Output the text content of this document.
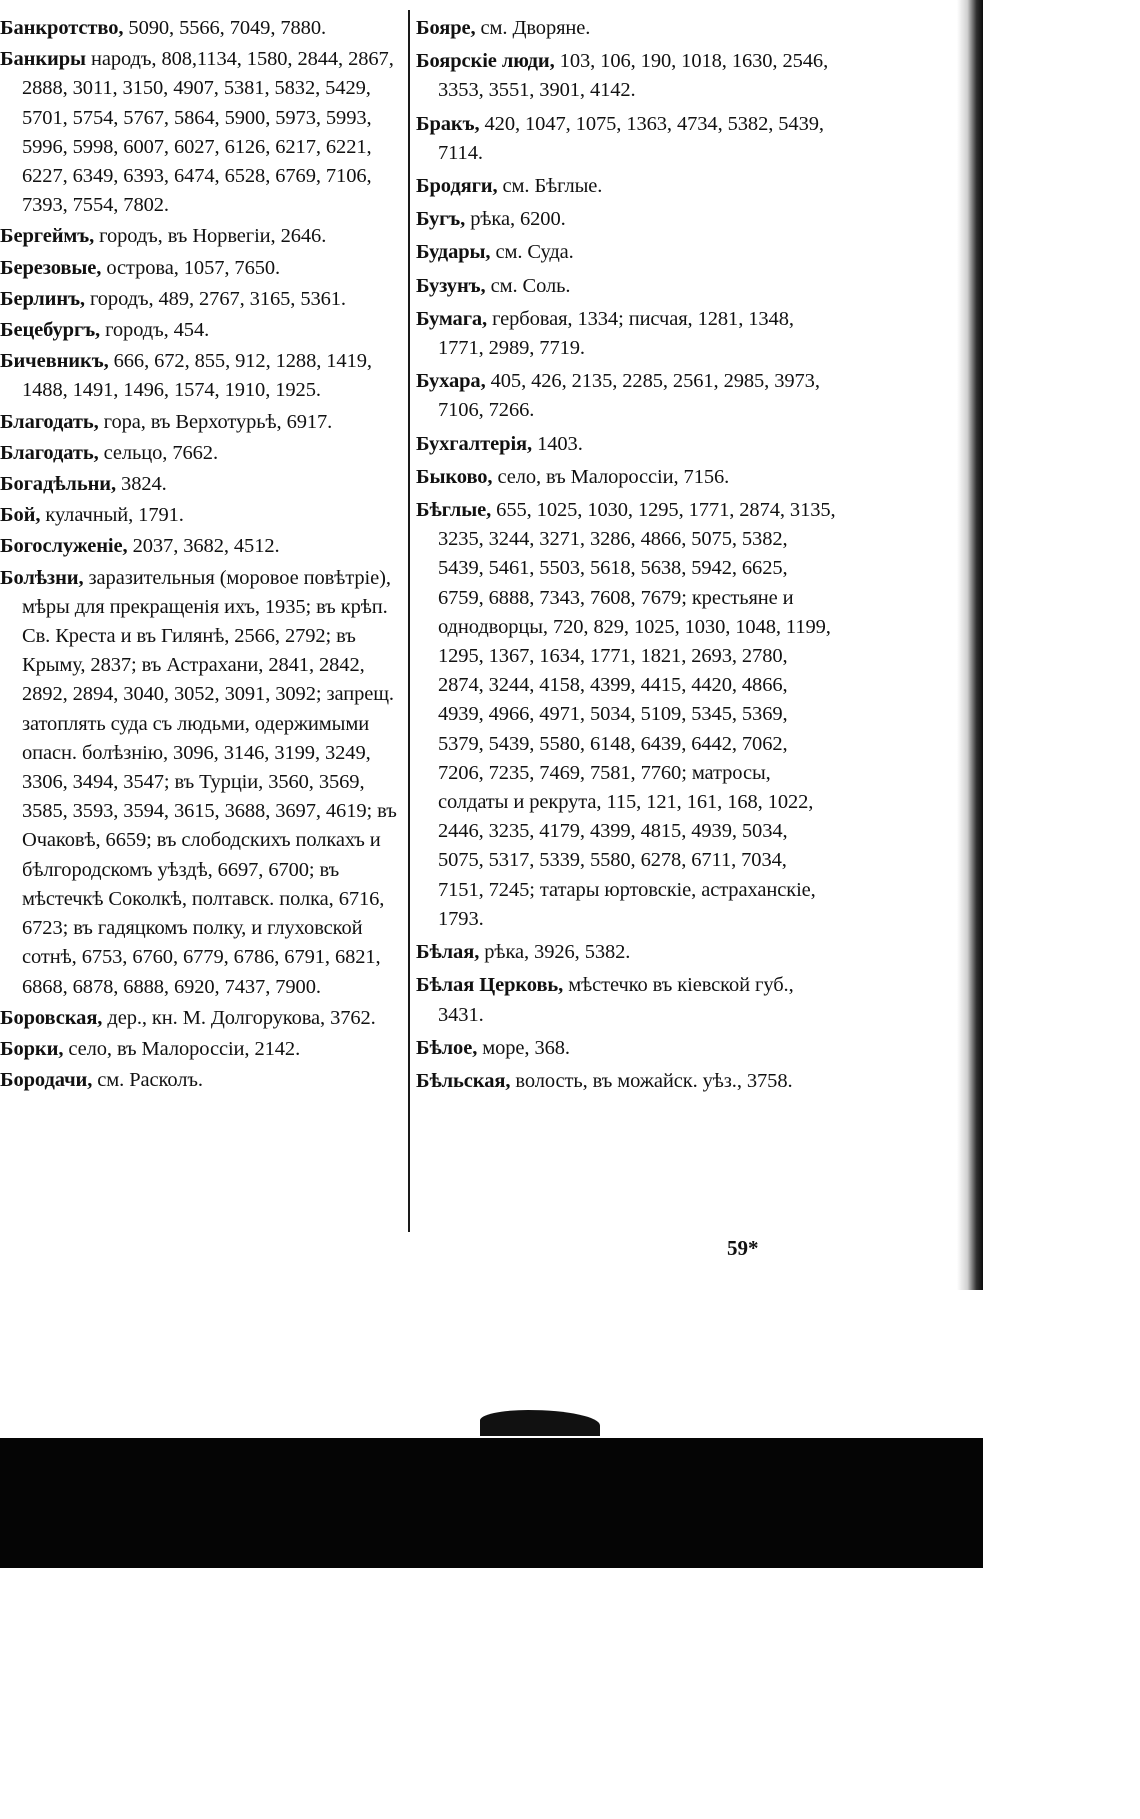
Банкротство, 5090, 5566, 7049, 7880.
Банкиры народъ, 808,1134, 1580, 2844, 2867, 2888, 3011, 3150, 4907, 5381, 5832, 5429, 5701, 5754, 5767, 5864, 5900, 5973, 5993, 5996, 5998, 6007, 6027, 6126, 6217, 6221, 6227, 6349, 6393, 6474, 6528, 6769, 7106, 7393, 7554, 7802.
Бергеймъ, городъ, въ Норвегіи, 2646.
Березовые, острова, 1057, 7650.
Берлинъ, городъ, 489, 2767, 3165, 5361.
Бецебургъ, городъ, 454.
Бичевникъ, 666, 672, 855, 912, 1288, 1419, 1488, 1491, 1496, 1574, 1910, 1925.
Благодать, гора, въ Верхотурьѣ, 6917.
Благодать, сельцо, 7662.
Богадѣльни, 3824.
Бой, кулачный, 1791.
Богослуженіе, 2037, 3682, 4512.
Болѣзни, заразительныя (моровое повѣтріе), мѣры для прекращенія ихъ, 1935; въ крѣп. Св. Креста и въ Гилянѣ, 2566, 2792; въ Крыму, 2837; въ Астрахани, 2841, 2842, 2892, 2894, 3040, 3052, 3091, 3092; запрещ. затоплять суда съ людьми, одержимыми опасн. болѣзнію, 3096, 3146, 3199, 3249, 3306, 3494, 3547; въ Турціи, 3560, 3569, 3585, 3593, 3594, 3615, 3688, 3697, 4619; въ Очаковѣ, 6659; въ слободскихъ полкахъ и бѣлгородскомъ уѣздѣ, 6697, 6700; въ мѣстечкѣ Соколкѣ, полтавск. полка, 6716, 6723; въ гадяцкомъ полку, и глуховской сотнѣ, 6753, 6760, 6779, 6786, 6791, 6821, 6868, 6878, 6888, 6920, 7437, 7900.
Боровская, дер., кн. М. Долгорукова, 3762.
Борки, село, въ Малороссіи, 2142.
Бородачи, см. Расколъ.
Бояре, см. Дворяне.
Боярскіе люди, 103, 106, 190, 1018, 1630, 2546, 3353, 3551, 3901, 4142.
Бракъ, 420, 1047, 1075, 1363, 4734, 5382, 5439, 7114.
Бродяги, см. Бѣглые.
Бугъ, рѣка, 6200.
Будары, см. Суда.
Бузунъ, см. Соль.
Бумага, гербовая, 1334; писчая, 1281, 1348, 1771, 2989, 7719.
Бухара, 405, 426, 2135, 2285, 2561, 2985, 3973, 7106, 7266.
Бухгалтерія, 1403.
Быково, село, въ Малороссіи, 7156.
Бѣглые, 655, 1025, 1030, 1295, 1771, 2874, 3135, 3235, 3244, 3271, 3286, 4866, 5075, 5382, 5439, 5461, 5503, 5618, 5638, 5942, 6625, 6759, 6888, 7343, 7608, 7679; крестьяне и однодворцы, 720, 829, 1025, 1030, 1048, 1199, 1295, 1367, 1634, 1771, 1821, 2693, 2780, 2874, 3244, 4158, 4399, 4415, 4420, 4866, 4939, 4966, 4971, 5034, 5109, 5345, 5369, 5379, 5439, 5580, 6148, 6439, 6442, 7062, 7206, 7235, 7469, 7581, 7760; матросы, солдаты и рекрута, 115, 121, 161, 168, 1022, 2446, 3235, 4179, 4399, 4815, 4939, 5034, 5075, 5317, 5339, 5580, 6278, 6711, 7034, 7151, 7245; татары юртовскіе, астраханскіе, 1793.
Бѣлая, рѣка, 3926, 5382.
Бѣлая Церковь, мѣстечко въ кіевской губ., 3431.
Бѣлое, море, 368.
Бѣльская, волость, въ можайск. уѣз., 3758.
59*
